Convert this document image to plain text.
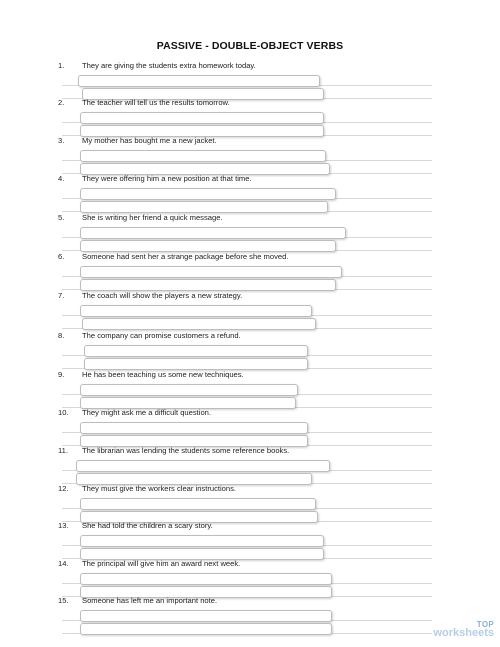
PASSIVE - DOUBLE-OBJECT VERBS
1. They are giving the students extra homework today.
2. The teacher will tell us the results tomorrow.
3. My mother has bought me a new jacket.
4. They were offering him a new position at that time.
5. She is writing her friend a quick message.
6. Someone had sent her a strange package before she moved.
7. The coach will show the players a new strategy.
8. The company can promise customers a refund.
9. He has been teaching us some new techniques.
10. They might ask me a difficult question.
11. The librarian was lending the students some reference books.
12. They must give the workers clear instructions.
13. She had told the children a scary story.
14. The principal will give him an award next week.
15. Someone has left me an important note.
TOP
worksheets
